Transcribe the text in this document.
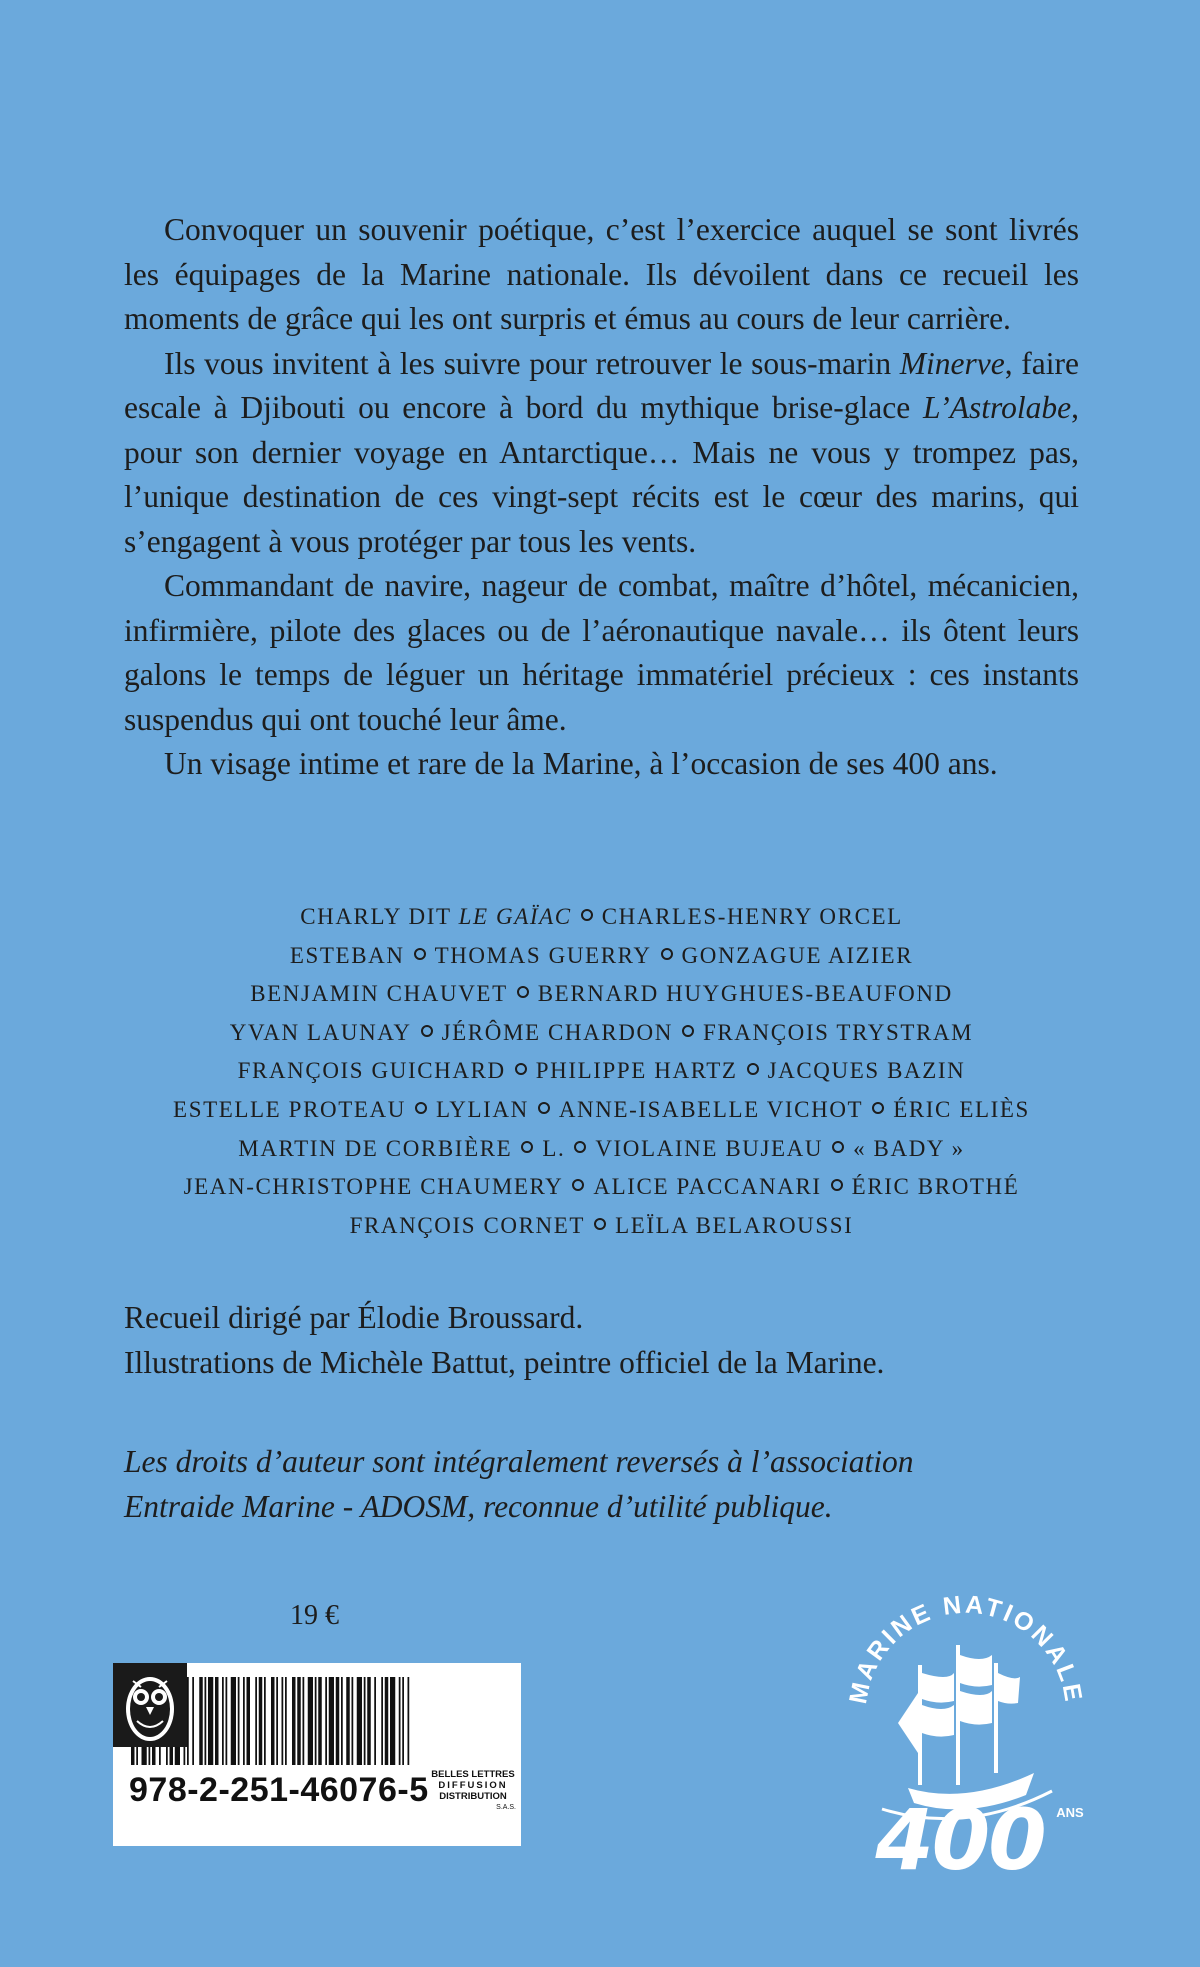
Convoquer un souvenir poétique, c’est l’exercice auquel se sont livrés les équipages de la Marine nationale. Ils dévoilent dans ce recueil les moments de grâce qui les ont surpris et émus au cours de leur carrière.

Ils vous invitent à les suivre pour retrouver le sous-marin Minerve, faire escale à Djibouti ou encore à bord du mythique brise-glace L’Astrolabe, pour son dernier voyage en Antarctique… Mais ne vous y trompez pas, l’unique destination de ces vingt-sept récits est le cœur des marins, qui s’engagent à vous protéger par tous les vents.

Commandant de navire, nageur de combat, maître d’hôtel, mécanicien, infirmière, pilote des glaces ou de l’aéronautique navale… ils ôtent leurs galons le temps de léguer un héritage immatériel précieux : ces instants suspendus qui ont touché leur âme.

Un visage intime et rare de la Marine, à l’occasion de ses 400 ans.

CHARLY DIT LE GAÏAC CHARLES-HENRY ORCEL
ESTEBAN THOMAS GUERRY GONZAGUE AIZIER
BENJAMIN CHAUVET BERNARD HUYGHUES-BEAUFOND
YVAN LAUNAY JÉRÔME CHARDON FRANÇOIS TRYSTRAM
FRANÇOIS GUICHARD PHILIPPE HARTZ JACQUES BAZIN
ESTELLE PROTEAU LYLIAN ANNE-ISABELLE VICHOT ÉRIC ELIÈS
MARTIN DE CORBIÈRE L. VIOLAINE BUJEAU « BADY »
JEAN-CHRISTOPHE CHAUMERY ALICE PACCANARI ÉRIC BROTHÉ
FRANÇOIS CORNET LEÏLA BELAROUSSI
Recueil dirigé par Élodie Broussard.
Illustrations de Michèle Battut, peintre officiel de la Marine.
Les droits d’auteur sont intégralement reversés à l’association
Entraide Marine - ADOSM, reconnue d’utilité publique.
19 €
978-2-251-46076-5 BELLES LETTRES
DIFFUSION
DISTRIBUTION
S.A.S.
MARINE NATIONALE
400 ANS
